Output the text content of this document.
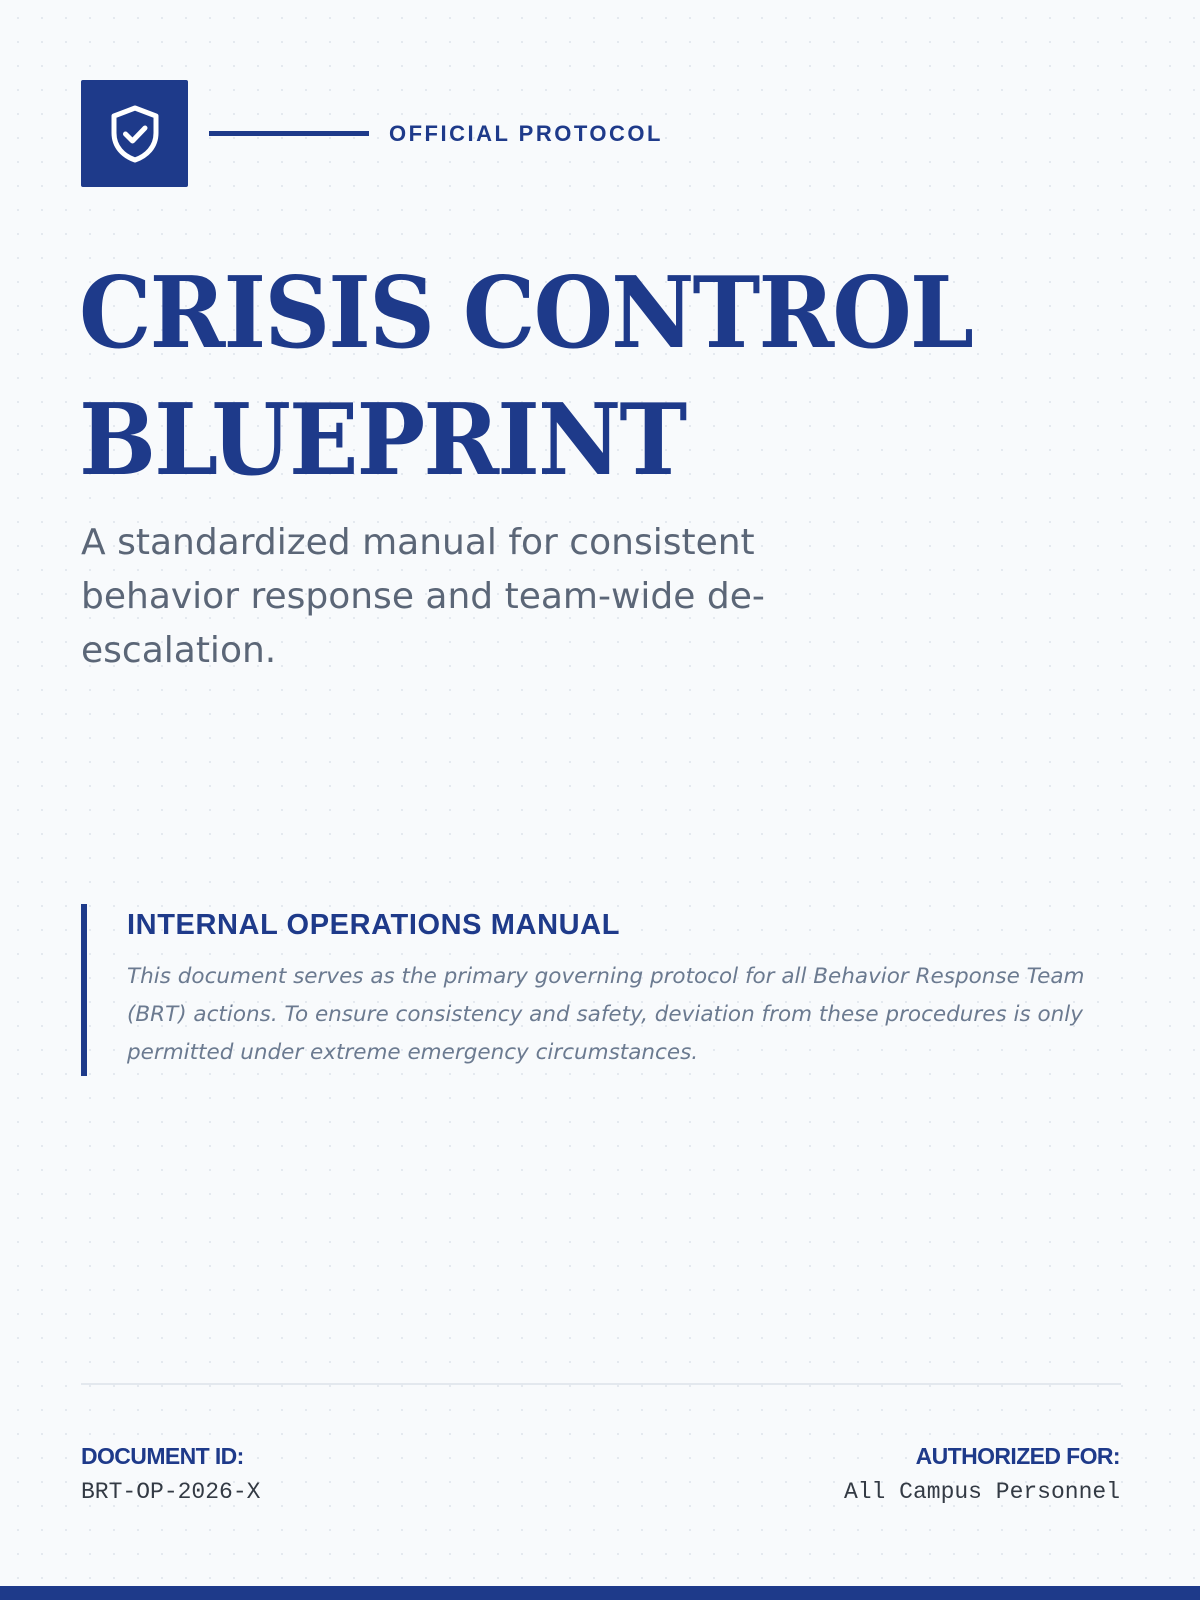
OFFICIAL PROTOCOL
CRISIS CONTROL
BLUEPRINT

A standardized manual for consistent behavior response and team-wide de-escalation.

INTERNAL OPERATIONS MANUAL

This document serves as the primary governing protocol for all Behavior Response Team (BRT) actions. To ensure consistency and safety, deviation from these procedures is only permitted under extreme emergency circumstances.

DOCUMENT ID:
BRT-OP-2026-X
AUTHORIZED FOR:
All Campus Personnel
